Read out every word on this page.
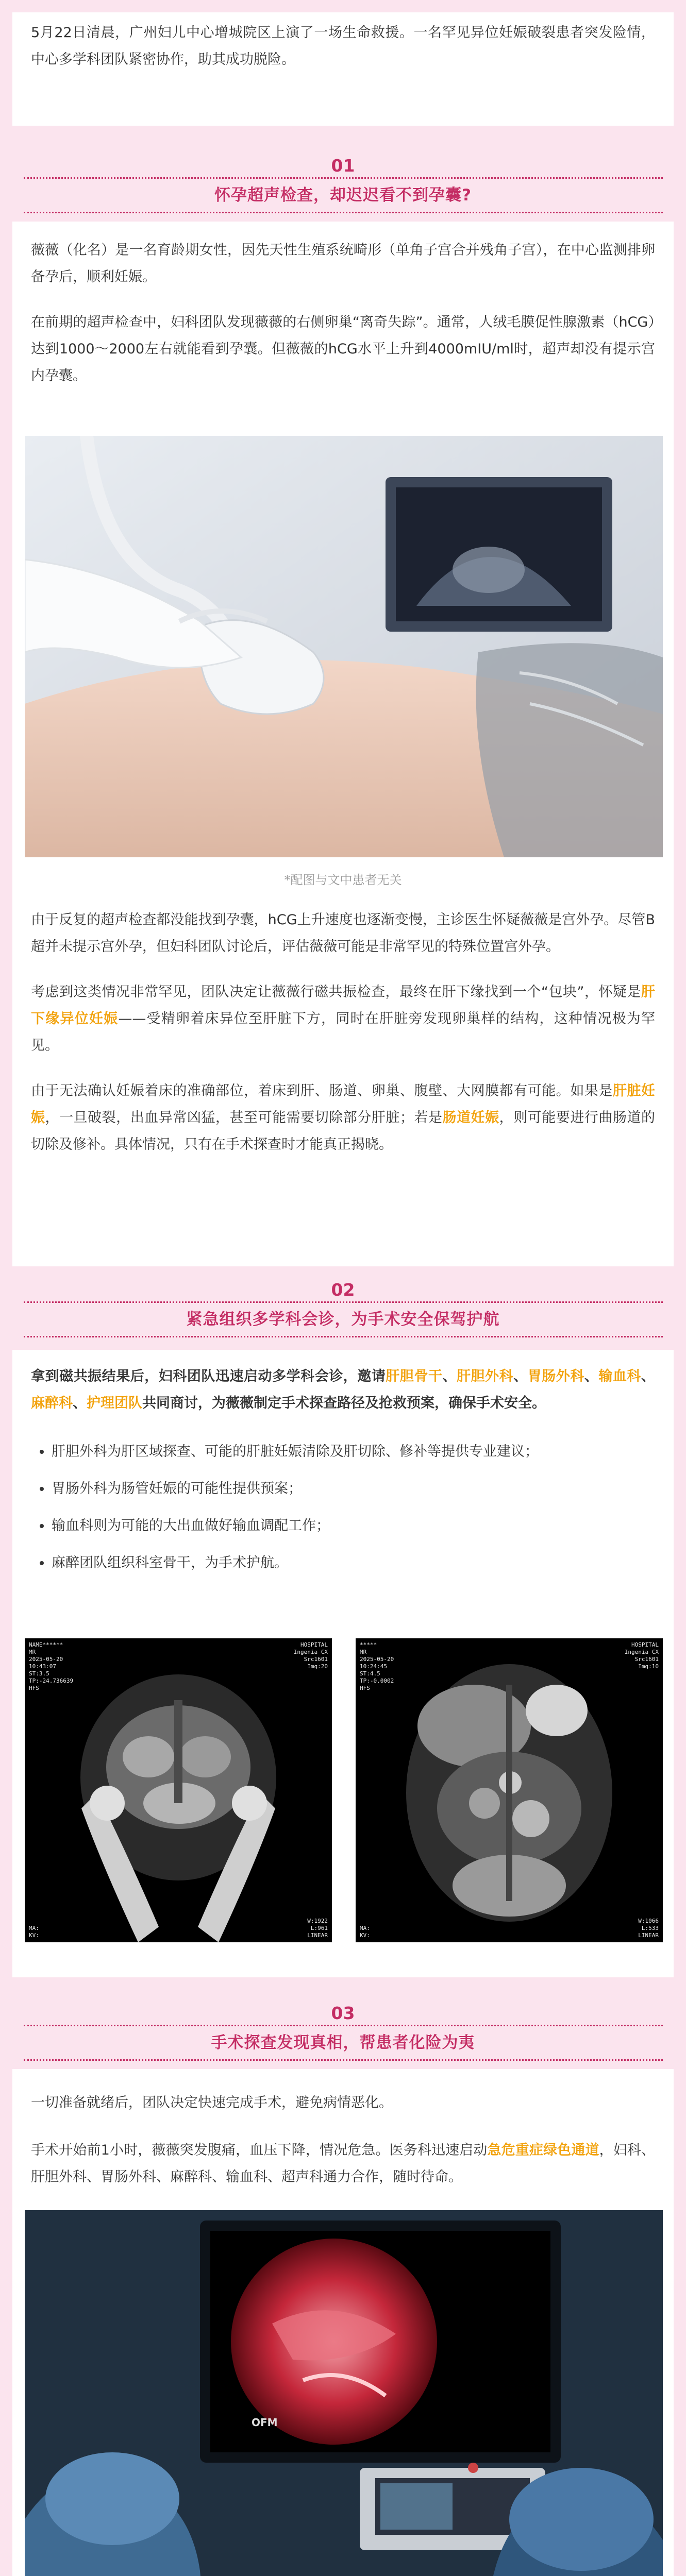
5月22日清晨，广州妇儿中心增城院区上演了一场生命救援。一名罕见异位妊娠破裂患者突发险情，中心多学科团队紧密协作，助其成功脱险。

01
怀孕超声检查，却迟迟看不到孕囊?

薇薇（化名）是一名育龄期女性，因先天性生殖系统畸形（单角子宫合并残角子宫），在中心监测排卵备孕后，顺利妊娠。

在前期的超声检查中，妇科团队发现薇薇的右侧卵巢“离奇失踪”。通常，人绒毛膜促性腺激素（hCG）达到1000～2000左右就能看到孕囊。但薇薇的hCG水平上升到4000mIU/ml时，超声却没有提示宫内孕囊。

*配图与文中患者无关

由于反复的超声检查都没能找到孕囊，hCG上升速度也逐渐变慢，主诊医生怀疑薇薇是宫外孕。尽管B超并未提示宫外孕，但妇科团队讨论后，评估薇薇可能是非常罕见的特殊位置宫外孕。

考虑到这类情况非常罕见，团队决定让薇薇行磁共振检查，最终在肝下缘找到一个“包块”，怀疑是肝下缘异位妊娠——受精卵着床异位至肝脏下方，同时在肝脏旁发现卵巢样的结构，这种情况极为罕见。

由于无法确认妊娠着床的准确部位，着床到肝、肠道、卵巢、腹壁、大网膜都有可能。如果是肝脏妊娠，一旦破裂，出血异常凶猛，甚至可能需要切除部分肝脏；若是肠道妊娠，则可能要进行曲肠道的切除及修补。具体情况，只有在手术探查时才能真正揭晓。

02
紧急组织多学科会诊，为手术安全保驾护航

拿到磁共振结果后，妇科团队迅速启动多学科会诊，邀请肝胆骨干、肝胆外科、胃肠外科、输血科、麻醉科、护理团队共同商讨，为薇薇制定手术探查路径及抢救预案，确保手术安全。

• 肝胆外科为肝区域探查、可能的肝脏妊娠清除及肝切除、修补等提供专业建议；
• 胃肠外科为肠管妊娠的可能性提供预案；
• 输血科则为可能的大出血做好输血调配工作；
• 麻醉团队组织科室骨干，为手术护航。
NAME******
MR
2025-05-20
10:43:07
ST:3.5
TP:-24.736639
HFS
HOSPITAL
Ingenia CX
Src1601
Img:20
MA:
KV:
W:1922
L:961
LINEAR
*****
MR
2025-05-20
10:24:45
ST:4.5
TP:-0.0002
HFS
HOSPITAL
Ingenia CX
Src1601
Img:10
MA:
KV:
W:1066
L:533
LINEAR
03
手术探查发现真相，帮患者化险为夷

一切准备就绪后，团队决定快速完成手术，避免病情恶化。

手术开始前1小时，薇薇突发腹痛，血压下降，情况危急。医务科迅速启动急危重症绿色通道，妇科、肝胆外科、胃肠外科、麻醉科、输血科、超声科通力合作，随时待命。

OFM
